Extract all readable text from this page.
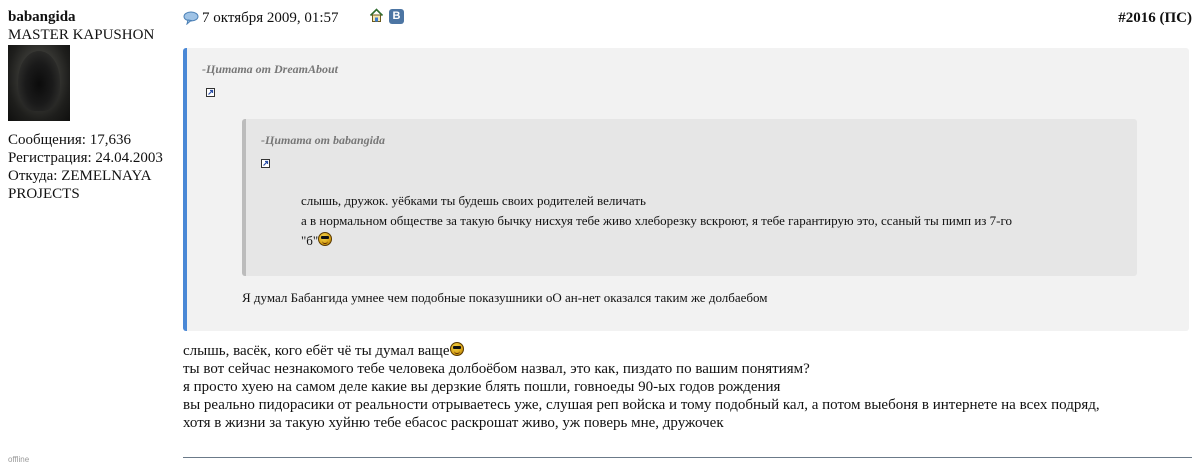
babangida
MASTER KAPUSHON
Сообщения: 17,636
Регистрация: 24.04.2003
Откуда: ZEMELNAYA PROJECTS
offline
7 октября 2009, 01:57	В	#2016 (ПС)
-Цитата от DreamAbout
-Цитата от babangida
слышь, дружок. уёбками ты будешь своих родителей величать
а в нормальном обществе за такую бычку нисхуя тебе живо хлеборезку вскроют, я тебе гарантирую это, ссаный ты пимп из 7-го
"б"
Я думал Бабангида умнее чем подобные показушники оО ан-нет оказался таким же долбаебом
слышь, васёк, кого ебёт чё ты думал ваще
ты вот сейчас незнакомого тебе человека долбоёбом назвал, это как, пиздато по вашим понятиям?
я просто хуею на самом деле какие вы дерзкие блять пошли, говноеды 90-ых годов рождения
вы реально пидорасики от реальности отрываетесь уже, слушая реп войска и тому подобный кал, а потом выебоня в интернете на всех подряд,
хотя в жизни за такую хуйню тебе ебасос раскрошат живо, уж поверь мне, дружочек
